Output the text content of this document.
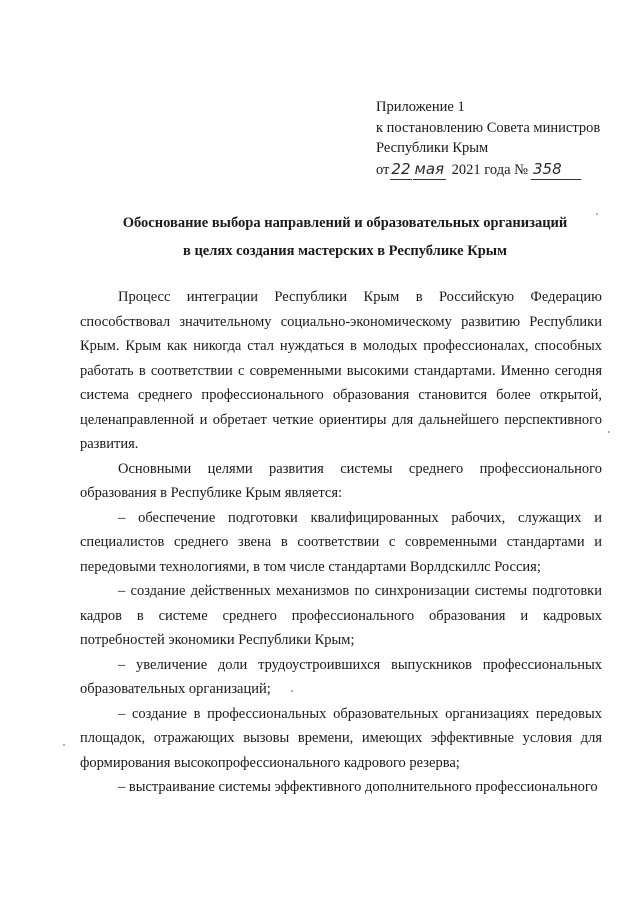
Приложение 1
к постановлению Совета министров
Республики Крым
от 22 мая 2021 года № 358
Обоснование выбора направлений и образовательных организаций
в целях создания мастерских в Республике Крым

Процесс интеграции Республики Крым в Российскую Федерацию способствовал значительному социально-экономическому развитию Республики Крым. Крым как никогда стал нуждаться в молодых профессионалах, способных работать в соответствии с современными высокими стандартами. Именно сегодня система среднего профессионального образования становится более открытой, целенаправленной и обретает четкие ориентиры для дальнейшего перспективного развития.

Основными целями развития системы среднего профессионального образования в Республике Крым является:

– обеспечение подготовки квалифицированных рабочих, служащих и специалистов среднего звена в соответствии с современными стандартами и передовыми технологиями, в том числе стандартами Ворлдскиллс Россия;

– создание действенных механизмов по синхронизации системы подготовки кадров в системе среднего профессионального образования и кадровых потребностей экономики Республики Крым;

– увеличение доли трудоустроившихся выпускников профессиональных образовательных организаций;

– создание в профессиональных образовательных организациях передовых площадок, отражающих вызовы времени, имеющих эффективные условия для формирования высокопрофессионального кадрового резерва;

– выстраивание системы эффективного дополнительного профессионального
